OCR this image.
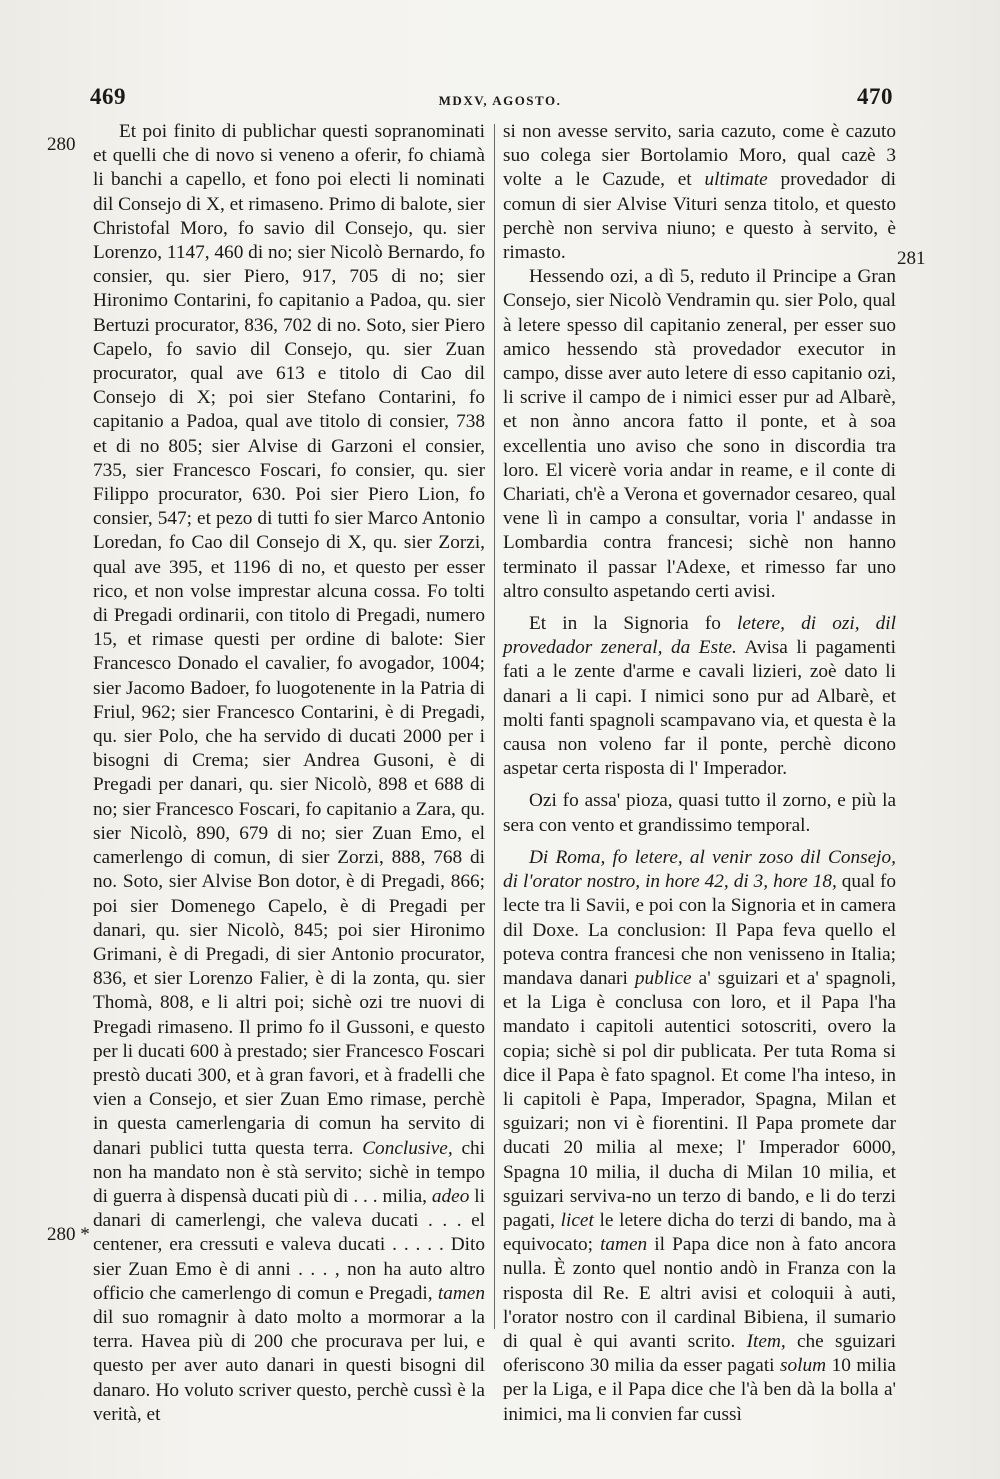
469	MDXV, AGOSTO.	470
280
280 *
281

Et poi finito di publichar questi sopranominati et quelli che di novo si veneno a oferir, fo chiamà li banchi a capello, et fono poi electi li nominati dil Consejo di X, et rimaseno. Primo di balote, sier Christofal Moro, fo savio dil Consejo, qu. sier Lorenzo, 1147, 460 di no; sier Nicolò Bernardo, fo consier, qu. sier Piero, 917, 705 di no; sier Hironimo Contarini, fo capitanio a Padoa, qu. sier Bertuzi procurator, 836, 702 di no. Soto, sier Piero Capelo, fo savio dil Consejo, qu. sier Zuan procurator, qual ave 613 e titolo di Cao dil Consejo di X; poi sier Stefano Contarini, fo capitanio a Padoa, qual ave titolo di consier, 738 et di no 805; sier Alvise di Garzoni el consier, 735, sier Francesco Foscari, fo consier, qu. sier Filippo procurator, 630. Poi sier Piero Lion, fo consier, 547; et pezo di tutti fo sier Marco Antonio Loredan, fo Cao dil Consejo di X, qu. sier Zorzi, qual ave 395, et 1196 di no, et questo per esser rico, et non volse imprestar alcuna cossa. Fo tolti di Pregadi ordinarii, con titolo di Pregadi, numero 15, et rimase questi per ordine di balote: Sier Francesco Donado el cavalier, fo avogador, 1004; sier Jacomo Badoer, fo luogotenente in la Patria di Friul, 962; sier Francesco Contarini, è di Pregadi, qu. sier Polo, che ha servido di ducati 2000 per i bisogni di Crema; sier Andrea Gusoni, è di Pregadi per danari, qu. sier Nicolò, 898 et 688 di no; sier Francesco Foscari, fo capitanio a Zara, qu. sier Nicolò, 890, 679 di no; sier Zuan Emo, el camerlengo di comun, di sier Zorzi, 888, 768 di no. Soto, sier Alvise Bon dotor, è di Pregadi, 866; poi sier Domenego Capelo, è di Pregadi per danari, qu. sier Nicolò, 845; poi sier Hironimo Grimani, è di Pregadi, di sier Antonio procurator, 836, et sier Lorenzo Falier, è di la zonta, qu. sier Thomà, 808, e li altri poi; sichè ozi tre nuovi di Pregadi rimaseno. Il primo fo il Gussoni, e questo per li ducati 600 à prestado; sier Francesco Foscari prestò ducati 300, et à gran favori, et à fradelli che vien a Consejo, et sier Zuan Emo rimase, perchè in questa camerlengaria di comun ha servito di danari publici tutta questa terra. Conclusive, chi non ha mandato non è stà servito; sichè in tempo di guerra à dispensà ducati più di . . . milia, adeo li danari di camerlengi, che valeva ducati . . . el centener, era cressuti e valeva ducati . . . . . Dito sier Zuan Emo è di anni . . . , non ha auto altro officio che camerlengo di comun e Pregadi, tamen dil suo romagnir à dato molto a mormorar a la terra. Havea più di 200 che procurava per lui, e questo per aver auto danari in questi bisogni dil danaro. Ho voluto scriver questo, perchè cussì è la verità, et

si non avesse servito, saria cazuto, come è cazuto suo colega sier Bortolamio Moro, qual cazè 3 volte a le Cazude, et ultimate provedador di comun di sier Alvise Vituri senza titolo, et questo perchè non serviva niuno; e questo à servito, è rimasto.

Hessendo ozi, a dì 5, reduto il Principe a Gran Consejo, sier Nicolò Vendramin qu. sier Polo, qual à letere spesso dil capitanio zeneral, per esser suo amico hessendo stà provedador executor in campo, disse aver auto letere di esso capitanio ozi, li scrive il campo de i nimici esser pur ad Albarè, et non ànno ancora fatto il ponte, et à soa excellentia uno aviso che sono in discordia tra loro. El vicerè voria andar in reame, e il conte di Chariati, ch'è a Verona et governador cesareo, qual vene lì in campo a consultar, voria l' andasse in Lombardia contra francesi; sichè non hanno terminato il passar l'Adexe, et rimesso far uno altro consulto aspetando certi avisi.

Et in la Signoria fo letere, di ozi, dil provedador zeneral, da Este. Avisa li pagamenti fati a le zente d'arme e cavali lizieri, zoè dato li danari a li capi. I nimici sono pur ad Albarè, et molti fanti spagnoli scampavano via, et questa è la causa non voleno far il ponte, perchè dicono aspetar certa risposta di l' Imperador.

Ozi fo assa' pioza, quasi tutto il zorno, e più la sera con vento et grandissimo temporal.

Di Roma, fo letere, al venir zoso dil Consejo, di l'orator nostro, in hore 42, di 3, hore 18, qual fo lecte tra li Savii, e poi con la Signoria et in camera dil Doxe. La conclusion: Il Papa feva quello el poteva contra francesi che non venisseno in Italia; mandava danari publice a' sguizari et a' spagnoli, et la Liga è conclusa con loro, et il Papa l'ha mandato i capitoli autentici sotoscriti, overo la copia; sichè si pol dir publicata. Per tuta Roma si dice il Papa è fato spagnol. Et come l'ha inteso, in li capitoli è Papa, Imperador, Spagna, Milan et sguizari; non vi è fiorentini. Il Papa promete dar ducati 20 milia al mexe; l' Imperador 6000, Spagna 10 milia, il ducha di Milan 10 milia, et sguizari serviva-no un terzo di bando, e li do terzi pagati, licet le letere dicha do terzi di bando, ma à equivocato; tamen il Papa dice non à fato ancora nulla. È zonto quel nontio andò in Franza con la risposta dil Re. E altri avisi et coloquii à auti, l'orator nostro con il cardinal Bibiena, il sumario di qual è qui avanti scrito. Item, che sguizari oferiscono 30 milia da esser pagati solum 10 milia per la Liga, e il Papa dice che l'à ben dà la bolla a' inimici, ma li convien far cussì
